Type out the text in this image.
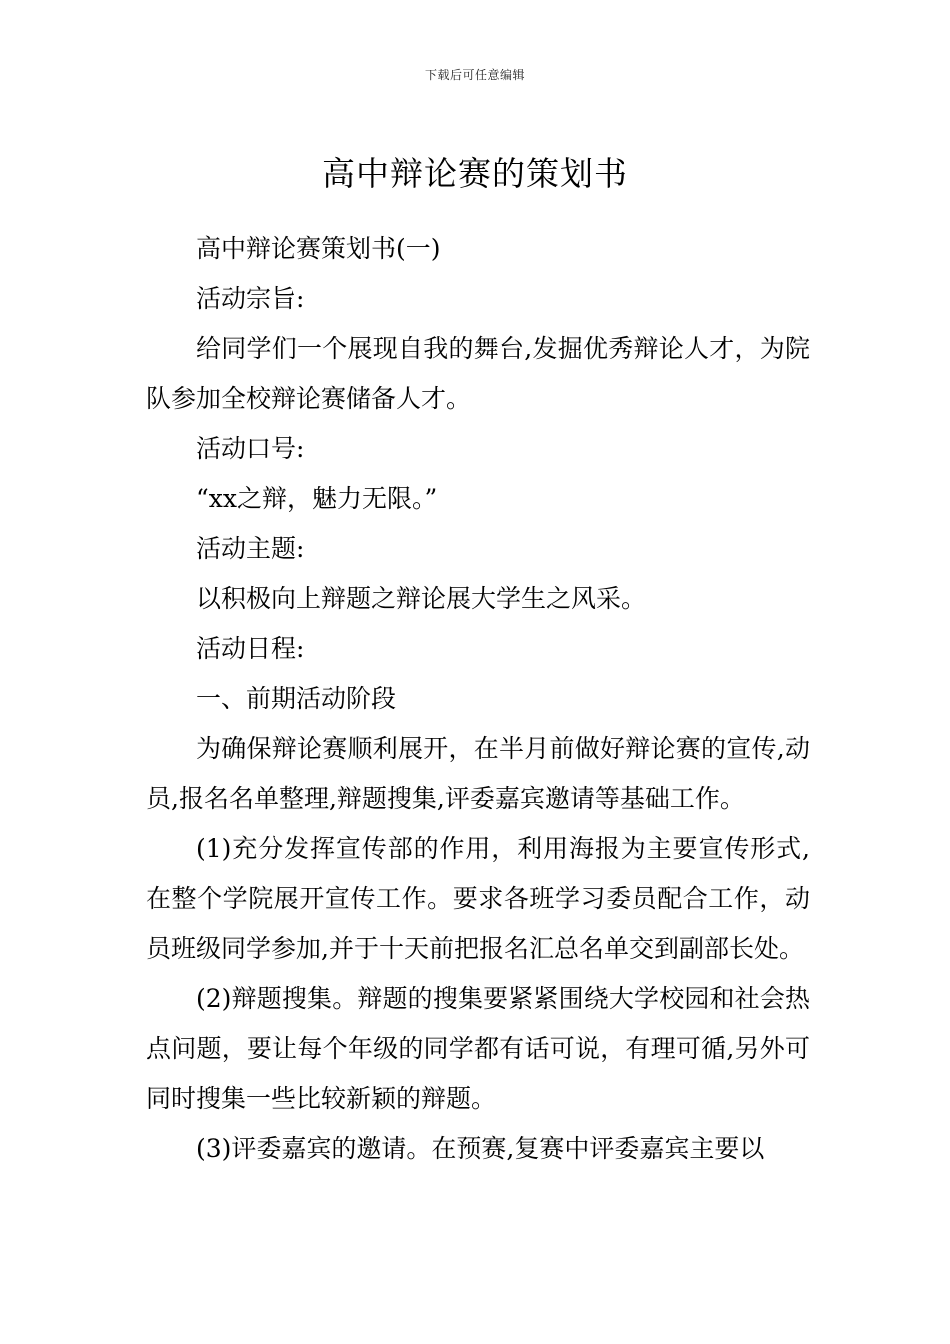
下载后可任意编辑
高中辩论赛的策划书

高中辩论赛策划书(一)

活动宗旨:

给同学们一个展现自我的舞台,发掘优秀辩论人才，为院队参加全校辩论赛储备人才。

活动口号:

“xx之辩，魅力无限。”

活动主题:

以积极向上辩题之辩论展大学生之风采。

活动日程:

一、前期活动阶段

为确保辩论赛顺利展开，在半月前做好辩论赛的宣传,动员,报名名单整理,辩题搜集,评委嘉宾邀请等基础工作。

(1)充分发挥宣传部的作用，利用海报为主要宣传形式,在整个学院展开宣传工作。要求各班学习委员配合工作，动员班级同学参加,并于十天前把报名汇总名单交到副部长处。

(2)辩题搜集。辩题的搜集要紧紧围绕大学校园和社会热点问题，要让每个年级的同学都有话可说，有理可循,另外可同时搜集一些比较新颖的辩题。

(3)评委嘉宾的邀请。在预赛,复赛中评委嘉宾主要以
